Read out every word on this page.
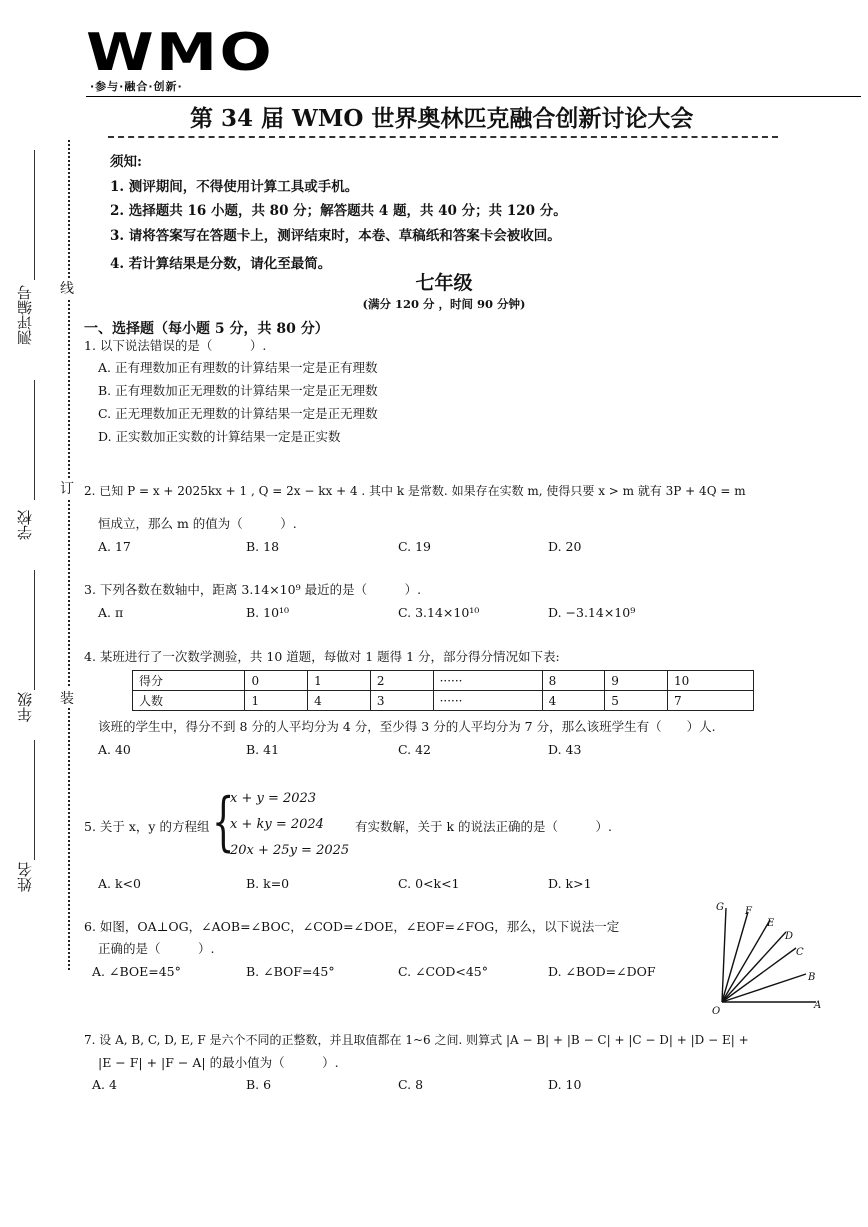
WMO
·参与·融合·创新·
第 34 届 WMO 世界奥林匹克融合创新讨论大会
线
订
装
测评编号
学校
年级
姓名
须知:
1. 测评期间，不得使用计算工具或手机。
2. 选择题共 16 小题，共 80 分；解答题共 4 题，共 40 分；共 120 分。
3. 请将答案写在答题卡上，测评结束时，本卷、草稿纸和答案卡会被收回。
4. 若计算结果是分数，请化至最简。
七年级
(满分 120 分 ，时间 90 分钟)
一、选择题（每小题 5 分，共 80 分）
1. 以下说法错误的是（　　　）.
A. 正有理数加正有理数的计算结果一定是正有理数
B. 正有理数加正无理数的计算结果一定是正无理数
C. 正无理数加正无理数的计算结果一定是正无理数
D. 正实数加正实数的计算结果一定是正实数
2. 已知 P = x + 2025kx + 1 , Q = 2x − kx + 4 . 其中 k 是常数. 如果存在实数 m, 使得只要 x > m 就有 3P + 4Q = m
恒成立，那么 m 的值为（　　　）.
A. 17	B. 18	C. 19	D. 20
3. 下列各数在数轴中，距离 3.14×10⁹ 最近的是（　　　）.
A. π	B. 10¹⁰	C. 3.14×10¹⁰	D. −3.14×10⁹
4. 某班进行了一次数学测验，共 10 道题，每做对 1 题得 1 分，部分得分情况如下表:
得分	0	1	2	······	8	9	10
人数	1	4	3	······	4	5	7
该班的学生中，得分不到 8 分的人平均分为 4 分，至少得 3 分的人平均分为 7 分，那么该班学生有（　　）人.
A. 40	B. 41	C. 42	D. 43
5. 关于 x，y 的方程组 {
x + y = 2023
x + ky = 2024
20x + 25y = 2025
有实数解，关于 k 的说法正确的是（　　　）.
A. k<0	B. k=0	C. 0<k<1	D. k>1
6. 如图，OA⊥OG，∠AOB=∠BOC，∠COD=∠DOE，∠EOF=∠FOG，那么，以下说法一定
正确的是（　　　）.
A. ∠BOE=45°	B. ∠BOF=45°	C. ∠COD<45°	D. ∠BOD=∠DOF
G F
E
D
C
B
A
O
7. 设 A, B, C, D, E, F 是六个不同的正整数，并且取值都在 1~6 之间. 则算式 |A − B| + |B − C| + |C − D| + |D − E| +
|E − F| + |F − A| 的最小值为（　　　）.
A. 4	B. 6	C. 8	D. 10
